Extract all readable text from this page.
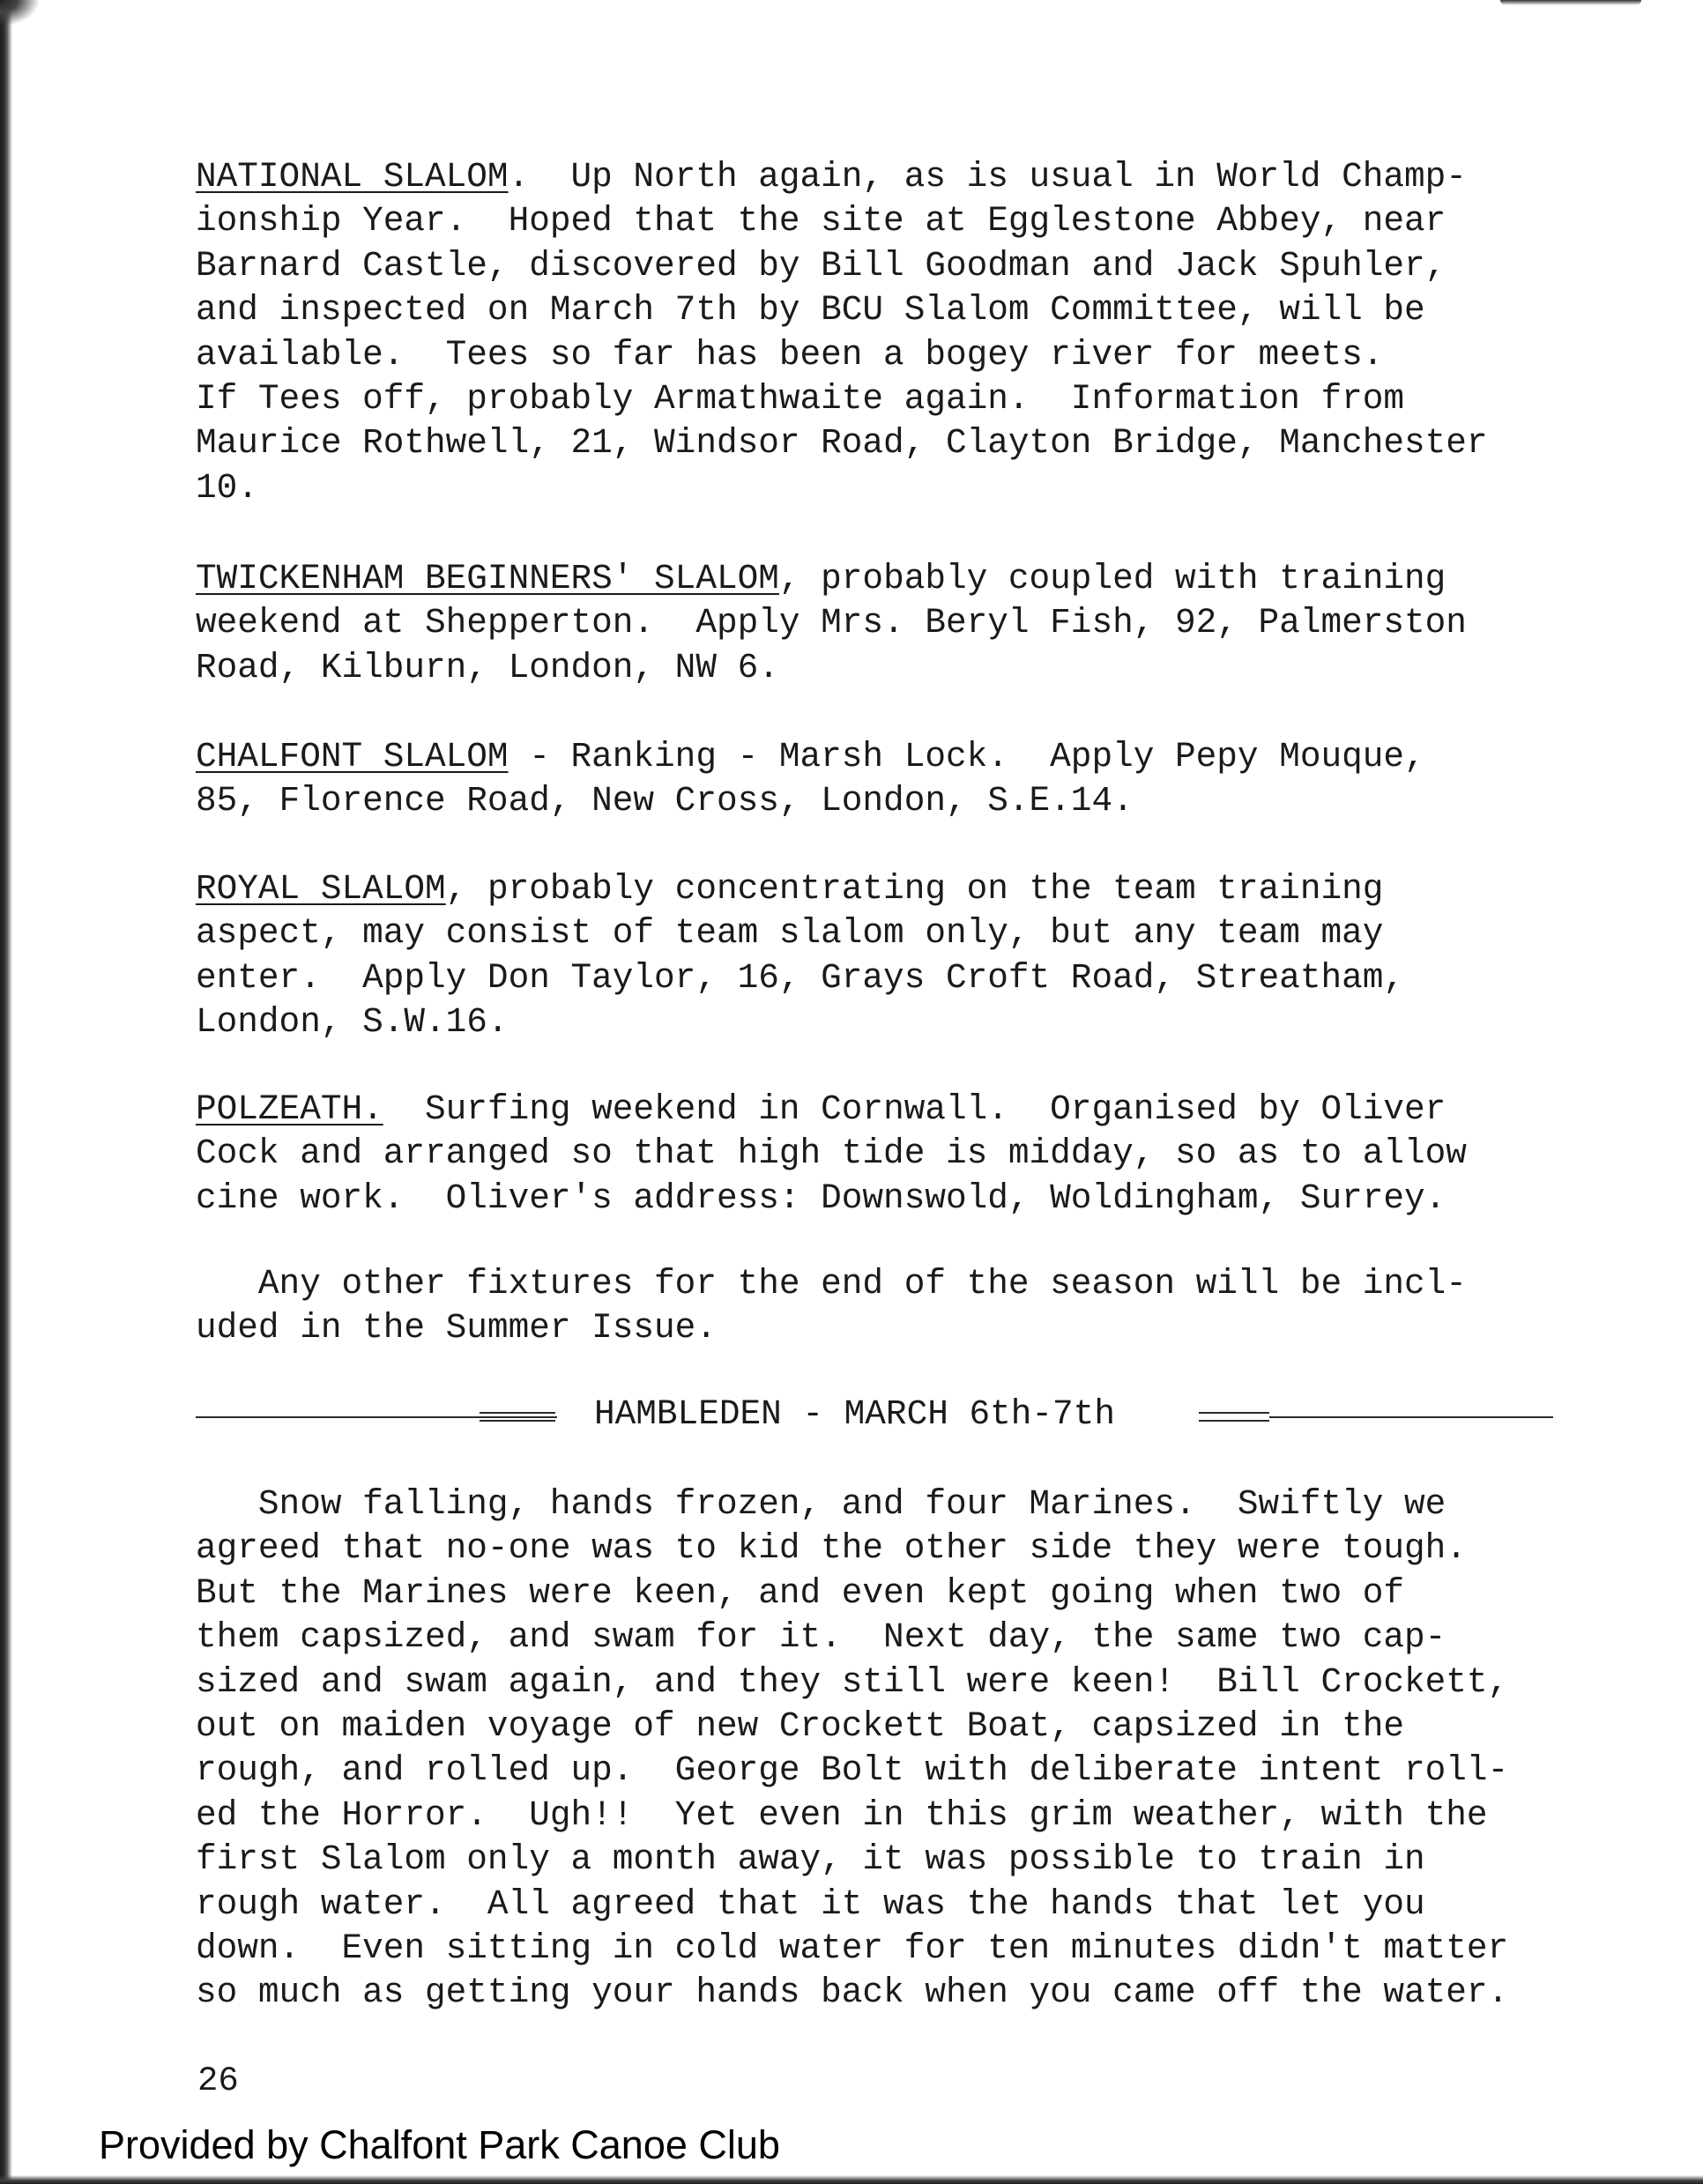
NATIONAL SLALOM.  Up North again, as is usual in World Champ-
ionship Year.  Hoped that the site at Egglestone Abbey, near
Barnard Castle, discovered by Bill Goodman and Jack Spuhler,
and inspected on March 7th by BCU Slalom Committee, will be
available.  Tees so far has been a bogey river for meets.
If Tees off, probably Armathwaite again.  Information from
Maurice Rothwell, 21, Windsor Road, Clayton Bridge, Manchester
10.
TWICKENHAM BEGINNERS' SLALOM, probably coupled with training
weekend at Shepperton.  Apply Mrs. Beryl Fish, 92, Palmerston
Road, Kilburn, London, NW 6.
CHALFONT SLALOM - Ranking - Marsh Lock.  Apply Pepy Mouque,
85, Florence Road, New Cross, London, S.E.14.
ROYAL SLALOM, probably concentrating on the team training
aspect, may consist of team slalom only, but any team may
enter.  Apply Don Taylor, 16, Grays Croft Road, Streatham,
London, S.W.16.
POLZEATH.  Surfing weekend in Cornwall.  Organised by Oliver
Cock and arranged so that high tide is midday, so as to allow
cine work.  Oliver's address: Downswold, Woldingham, Surrey.
Any other fixtures for the end of the season will be incl-
uded in the Summer Issue.
HAMBLEDEN - MARCH 6th-7th
Snow falling, hands frozen, and four Marines.  Swiftly we
agreed that no-one was to kid the other side they were tough.
But the Marines were keen, and even kept going when two of
them capsized, and swam for it.  Next day, the same two cap-
sized and swam again, and they still were keen!  Bill Crockett,
out on maiden voyage of new Crockett Boat, capsized in the
rough, and rolled up.  George Bolt with deliberate intent roll-
ed the Horror.  Ugh!!  Yet even in this grim weather, with the
first Slalom only a month away, it was possible to train in
rough water.  All agreed that it was the hands that let you
down.  Even sitting in cold water for ten minutes didn't matter
so much as getting your hands back when you came off the water.
26
Provided by Chalfont Park Canoe Club
